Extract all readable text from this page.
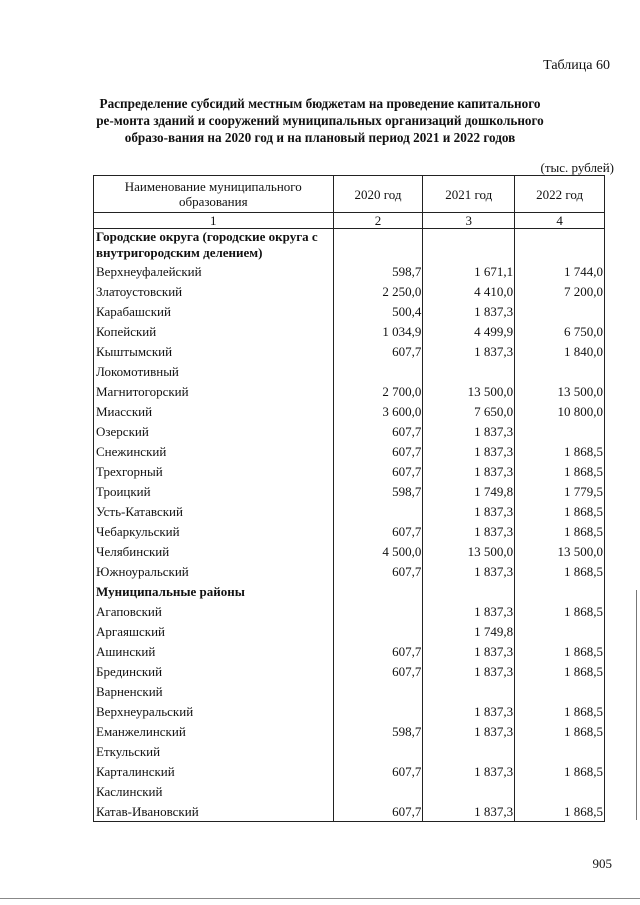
Таблица 60
Распределение субсидий местным бюджетам на проведение капитального ре-монта зданий и сооружений муниципальных организаций дошкольного образо-вания на 2020 год и на плановый период 2021 и 2022 годов
(тыс. рублей)
Наименование муниципального образования	2020 год	2021 год	2022 год
1	2	3	4
Городские округа (городские округа с внутригородским делением)			
Верхнеуфалейский	598,7	1 671,1	1 744,0
Златоустовский	2 250,0	4 410,0	7 200,0
Карабашский	500,4	1 837,3	
Копейский	1 034,9	4 499,9	6 750,0
Кыштымский	607,7	1 837,3	1 840,0
Локомотивный			
Магнитогорский	2 700,0	13 500,0	13 500,0
Миасский	3 600,0	7 650,0	10 800,0
Озерский	607,7	1 837,3	
Снежинский	607,7	1 837,3	1 868,5
Трехгорный	607,7	1 837,3	1 868,5
Троицкий	598,7	1 749,8	1 779,5
Усть-Катавский		1 837,3	1 868,5
Чебаркульский	607,7	1 837,3	1 868,5
Челябинский	4 500,0	13 500,0	13 500,0
Южноуральский	607,7	1 837,3	1 868,5
Муниципальные районы			
Агаповский		1 837,3	1 868,5
Аргаяшский		1 749,8	
Ашинский	607,7	1 837,3	1 868,5
Брединский	607,7	1 837,3	1 868,5
Варненский			
Верхнеуральский		1 837,3	1 868,5
Еманжелинский	598,7	1 837,3	1 868,5
Еткульский			
Карталинский	607,7	1 837,3	1 868,5
Каслинский			
Катав-Ивановский	607,7	1 837,3	1 868,5
905
